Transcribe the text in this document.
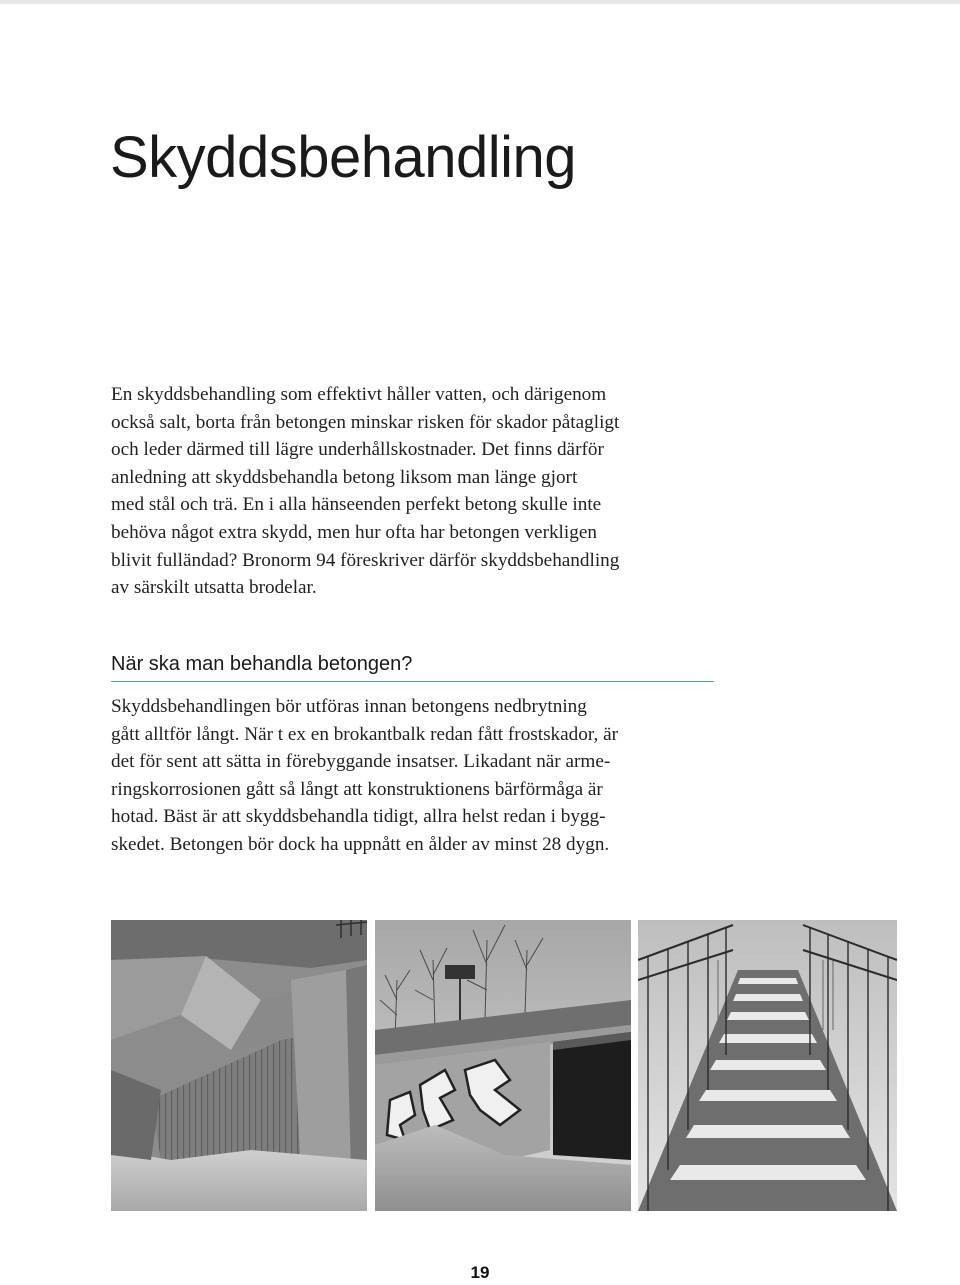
Skyddsbehandling
En skyddsbehandling som effektivt håller vatten, och därigenom
också salt, borta från betongen minskar risken för skador påtagligt
och leder därmed till lägre underhållskostnader. Det finns därför
anledning att skyddsbehandla betong liksom man länge gjort
med stål och trä. En i alla hänseenden perfekt betong skulle inte
behöva något extra skydd, men hur ofta har betongen verkligen
blivit fulländad? Bronorm 94 föreskriver därför skyddsbehandling
av särskilt utsatta brodelar.
När ska man behandla betongen?
Skyddsbehandlingen bör utföras innan betongens nedbrytning
gått alltför långt. När t ex en brokantbalk redan fått frostskador, är
det för sent att sätta in förebyggande insatser. Likadant när arme-
ringskorrosionen gått så långt att konstruktionens bärförmåga är
hotad. Bäst är att skyddsbehandla tidigt, allra helst redan i bygg-
skedet. Betongen bör dock ha uppnått en ålder av minst 28 dygn.
19
